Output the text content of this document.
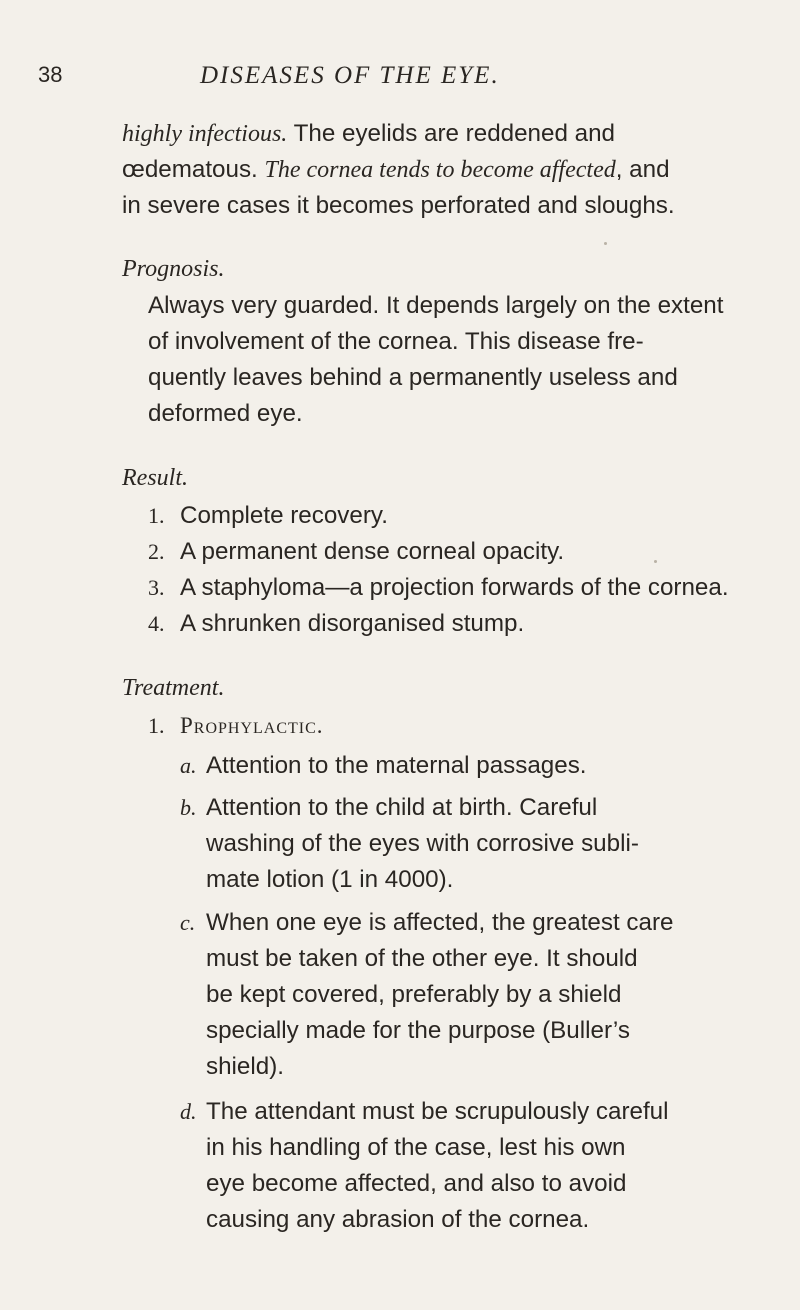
38	DISEASES OF THE EYE.
highly infectious. The eyelids are reddened and
œdematous. The cornea tends to become affected, and
in severe cases it becomes perforated and sloughs.
Prognosis.
Always very guarded. It depends largely on the extent
of involvement of the cornea. This disease fre-
quently leaves behind a permanently useless and
deformed eye.
Result.
1. Complete recovery.
2. A permanent dense corneal opacity.
3. A staphyloma—a projection forwards of the cornea.
4. A shrunken disorganised stump.
Treatment.
1. Prophylactic.
a. Attention to the maternal passages.
b. Attention to the child at birth. Careful
washing of the eyes with corrosive subli-
mate lotion (1 in 4000).
c. When one eye is affected, the greatest care
must be taken of the other eye. It should
be kept covered, preferably by a shield
specially made for the purpose (Buller’s
shield).
d. The attendant must be scrupulously careful
in his handling of the case, lest his own
eye become affected, and also to avoid
causing any abrasion of the cornea.
